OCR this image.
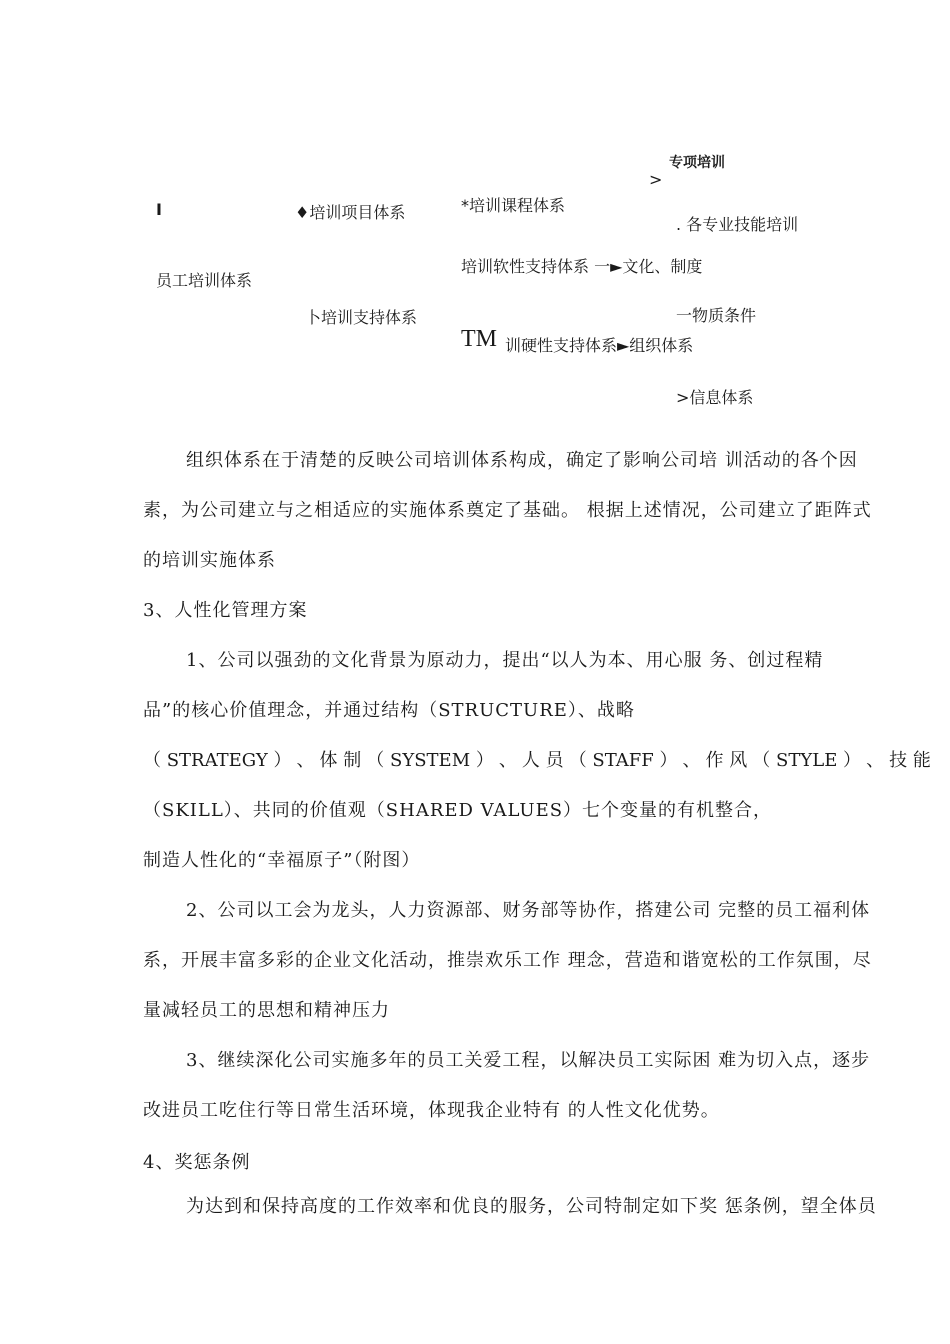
I
员工培训体系
♦培训项目体系
卜培训支持体系
*培训课程体系
专项培训
>
. 各专业技能培训
培训软性支持体系 一►文化、制度
一物质条件
TM 训硬性支持体系►组织体系
>信息体系
组织体系在于清楚的反映公司培训体系构成，确定了影响公司培 训活动的各个因
素，为公司建立与之相适应的实施体系奠定了基础。 根据上述情况，公司建立了距阵式
的培训实施体系
3、人性化管理方案
1、公司以强劲的文化背景为原动力，提出“以人为本、用心服 务、创过程精
品”的核心价值理念，并通过结构（STRUCTURE）、战略
（ STRATEGY ） 、 体 制 （ SYSTEM ） 、 人 员 （ STAFF ） 、 作 风 （ STYLE ） 、 技 能
（SKILL）、共同的价值观（SHARED VALUES）七个变量的有机整合，
制造人性化的“幸福原子”（附图）
2、公司以工会为龙头，人力资源部、财务部等协作，搭建公司 完整的员工福利体
系，开展丰富多彩的企业文化活动，推崇欢乐工作 理念，营造和谐宽松的工作氛围，尽
量减轻员工的思想和精神压力
3、继续深化公司实施多年的员工关爱工程，以解决员工实际困 难为切入点，逐步
改进员工吃住行等日常生活环境，体现我企业特有 的人性文化优势。
4、奖惩条例
为达到和保持高度的工作效率和优良的服务，公司特制定如下奖 惩条例，望全体员
